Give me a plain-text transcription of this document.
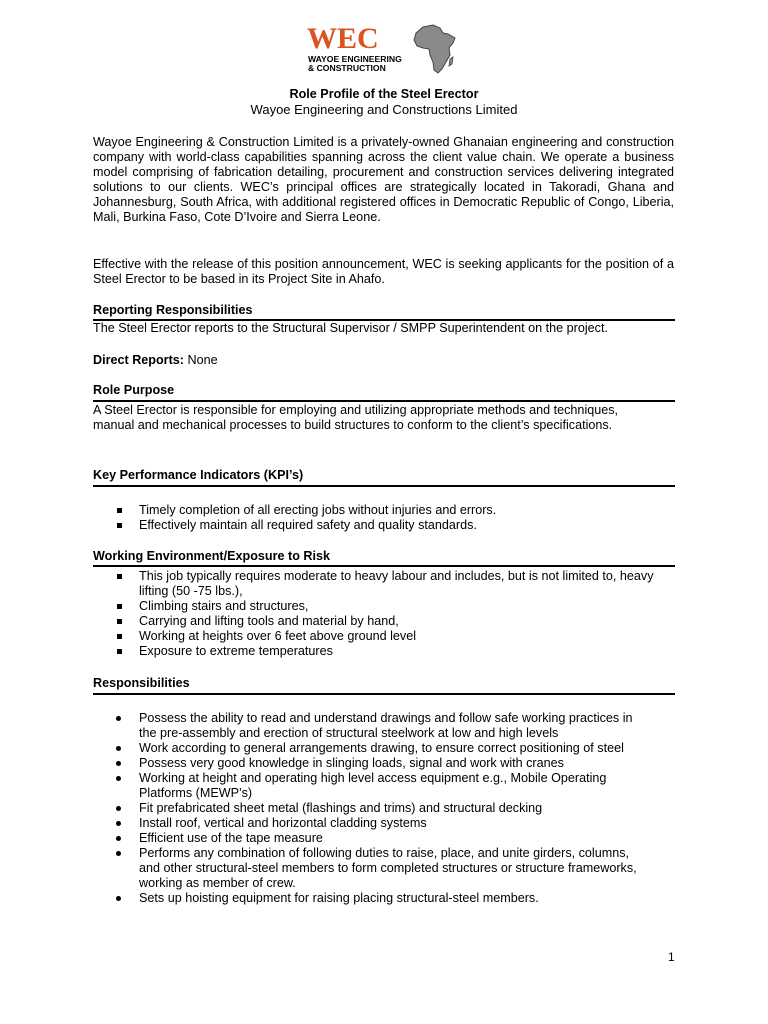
WEC
WAYOE ENGINEERING
& CONSTRUCTION
Role Profile of the Steel Erector
Wayoe Engineering and Constructions Limited
Wayoe Engineering & Construction Limited is a privately-owned Ghanaian engineering and construction company with world-class capabilities spanning across the client value chain. We operate a business model comprising of fabrication detailing, procurement and construction services delivering integrated solutions to our clients. WEC’s principal offices are strategically located in Takoradi, Ghana and Johannesburg, South Africa, with additional registered offices in Democratic Republic of Congo, Liberia, Mali, Burkina Faso, Cote D’Ivoire and Sierra Leone.
Effective with the release of this position announcement, WEC is seeking applicants for the position of a Steel Erector to be based in its Project Site in Ahafo.
Reporting Responsibilities
The Steel Erector reports to the Structural Supervisor / SMPP Superintendent on the project.
Direct Reports: None
Role Purpose
A Steel Erector is responsible for employing and utilizing appropriate methods and techniques, manual and mechanical processes to build structures to conform to the client’s specifications.
Key Performance Indicators (KPI’s)
Timely completion of all erecting jobs without injuries and errors.
Effectively maintain all required safety and quality standards.
Working Environment/Exposure to Risk
This job typically requires moderate to heavy labour and includes, but is not limited to, heavy lifting (50 -75 lbs.),
Climbing stairs and structures,
Carrying and lifting tools and material by hand,
Working at heights over 6 feet above ground level
Exposure to extreme temperatures
Responsibilities
Possess the ability to read and understand drawings and follow safe working practices in the pre-assembly and erection of structural steelwork at low and high levels
Work according to general arrangements drawing, to ensure correct positioning of steel
Possess very good knowledge in slinging loads, signal and work with cranes
Working at height and operating high level access equipment e.g., Mobile Operating Platforms (MEWP’s)
Fit prefabricated sheet metal (flashings and trims) and structural decking
Install roof, vertical and horizontal cladding systems
Efficient use of the tape measure
Performs any combination of following duties to raise, place, and unite girders, columns, and other structural-steel members to form completed structures or structure frameworks, working as member of crew.
Sets up hoisting equipment for raising placing structural-steel members.
1
